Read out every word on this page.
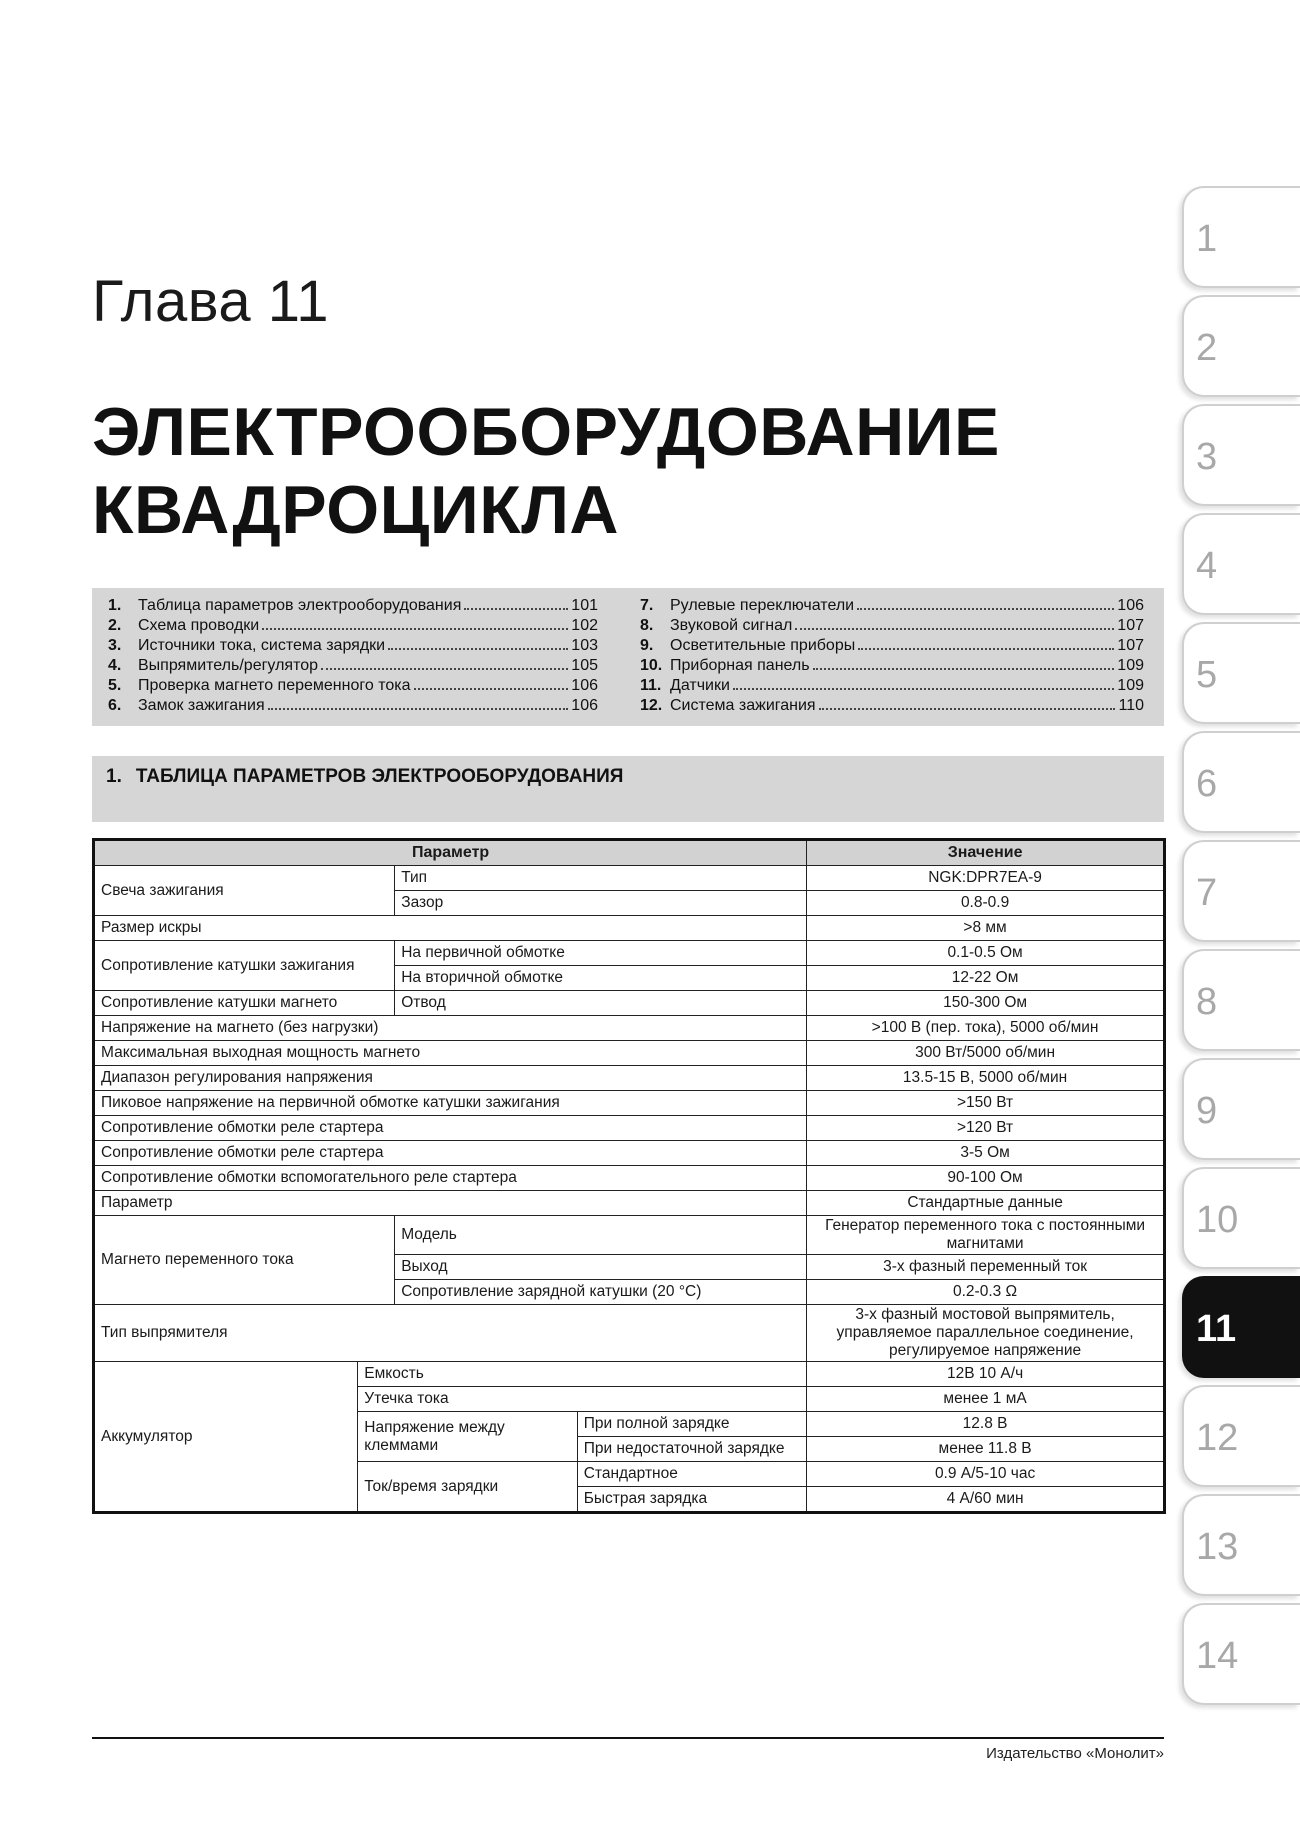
Глава 11
ЭЛЕКТРООБОРУДОВАНИЕ
КВАДРОЦИКЛА
1.	Таблица параметров электрооборудования	101
2.	Схема проводки	102
3.	Источники тока, система зарядки	103
4.	Выпрямитель/регулятор	105
5.	Проверка магнето переменного тока	106
6.	Замок зажигания	106
7.	Рулевые переключатели	106
8.	Звуковой сигнал	107
9.	Осветительные приборы	107
10. Приборная панель	109
11. Датчики	109
12. Система зажигания	110
1. ТАБЛИЦА ПАРАМЕТРОВ ЭЛЕКТРООБОРУДОВАНИЯ
Параметр				Значение
Свеча зажигания		Тип		NGK:DPR7EA-9
		Зазор		0.8-0.9
Размер искры				>8 мм
Сопротивление катушки зажигания		На первичной обмотке		0.1-0.5 Ом
		На вторичной обмотке		12-22 Ом
Сопротивление катушки магнето		Отвод		150-300 Ом
Напряжение на магнето (без нагрузки)				>100 В (пер. тока), 5000 об/мин
Максимальная выходная мощность магнето				300 Вт/5000 об/мин
Диапазон регулирования напряжения				13.5-15 В, 5000 об/мин
Пиковое напряжение на первичной обмотке катушки зажигания				>150 Вт
Сопротивление обмотки реле стартера				>120 Вт
Сопротивление обмотки реле стартера				3-5 Ом
Сопротивление обмотки вспомогательного реле стартера				90-100 Ом
Параметр				Стандартные данные
Магнето переменного тока		Модель		Генератор переменного тока с постоянными магнитами
		Выход		3-х фазный переменный ток
		Сопротивление зарядной катушки (20 °С)		0.2-0.3 Ω
Тип выпрямителя				3-х фазный мостовой выпрямитель, управляемое параллельное соединение, регулируемое напряжение
Аккумулятор	Емкость			12В 10 А/ч
	Утечка тока			менее 1 мА
	Напряжение между клеммами		При полной зарядке	12.8 В
			При недостаточной зарядке	менее 11.8 В
	Ток/время зарядки		Стандартное	0.9 А/5-10 час
			Быстрая зарядка	4 А/60 мин
1
2
3
4
5
6
7
8
9
10
11
12
13
14
Издательство «Монолит»
